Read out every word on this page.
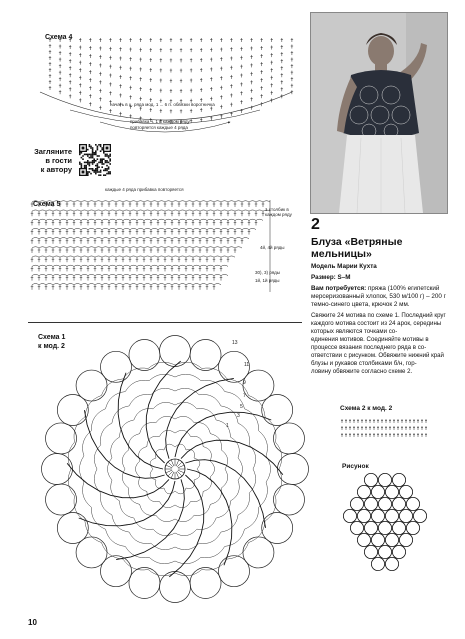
Схема 4
начать в ц. ряда мод. 1 ... 6 п. обвязки воротничка
прибавка ч. 1 в каждом ряду
повторяется каждые 4 ряда
Загляните
в гости
к автору
Схема 5
каждые 4 ряда прибавка повторяется
1 столбик в каждом ряду
4й, 4й ряды
30), 3) ряды
1й, 1й ряды
2
Блуза «Ветряные
мельницы»
Модель Марии Кухта
Размер: S–M
Вам потребуется: пряжа (100% египетский мерсеризованный хлопок, 530 м/100 г) – 200 г темно-синего цвета, крючок 2 мм.
Свяжите 24 мотива по схеме 1. Последний круг каждого мотива состоит из 24 арок, середины которых являются точками со-
единения мотивов. Соединяйте мотивы в процессе вязания последнего ряда в со-
ответствии с рисунком. Обвяжите нижний край блузы и рукавов столбиками б/н, гор-
ловину обвяжите согласно схеме 2.
Схема 1
к мод. 2	13
11
9
7
5
3
1
Схема 2 к мод. 2
Рисунок
10
